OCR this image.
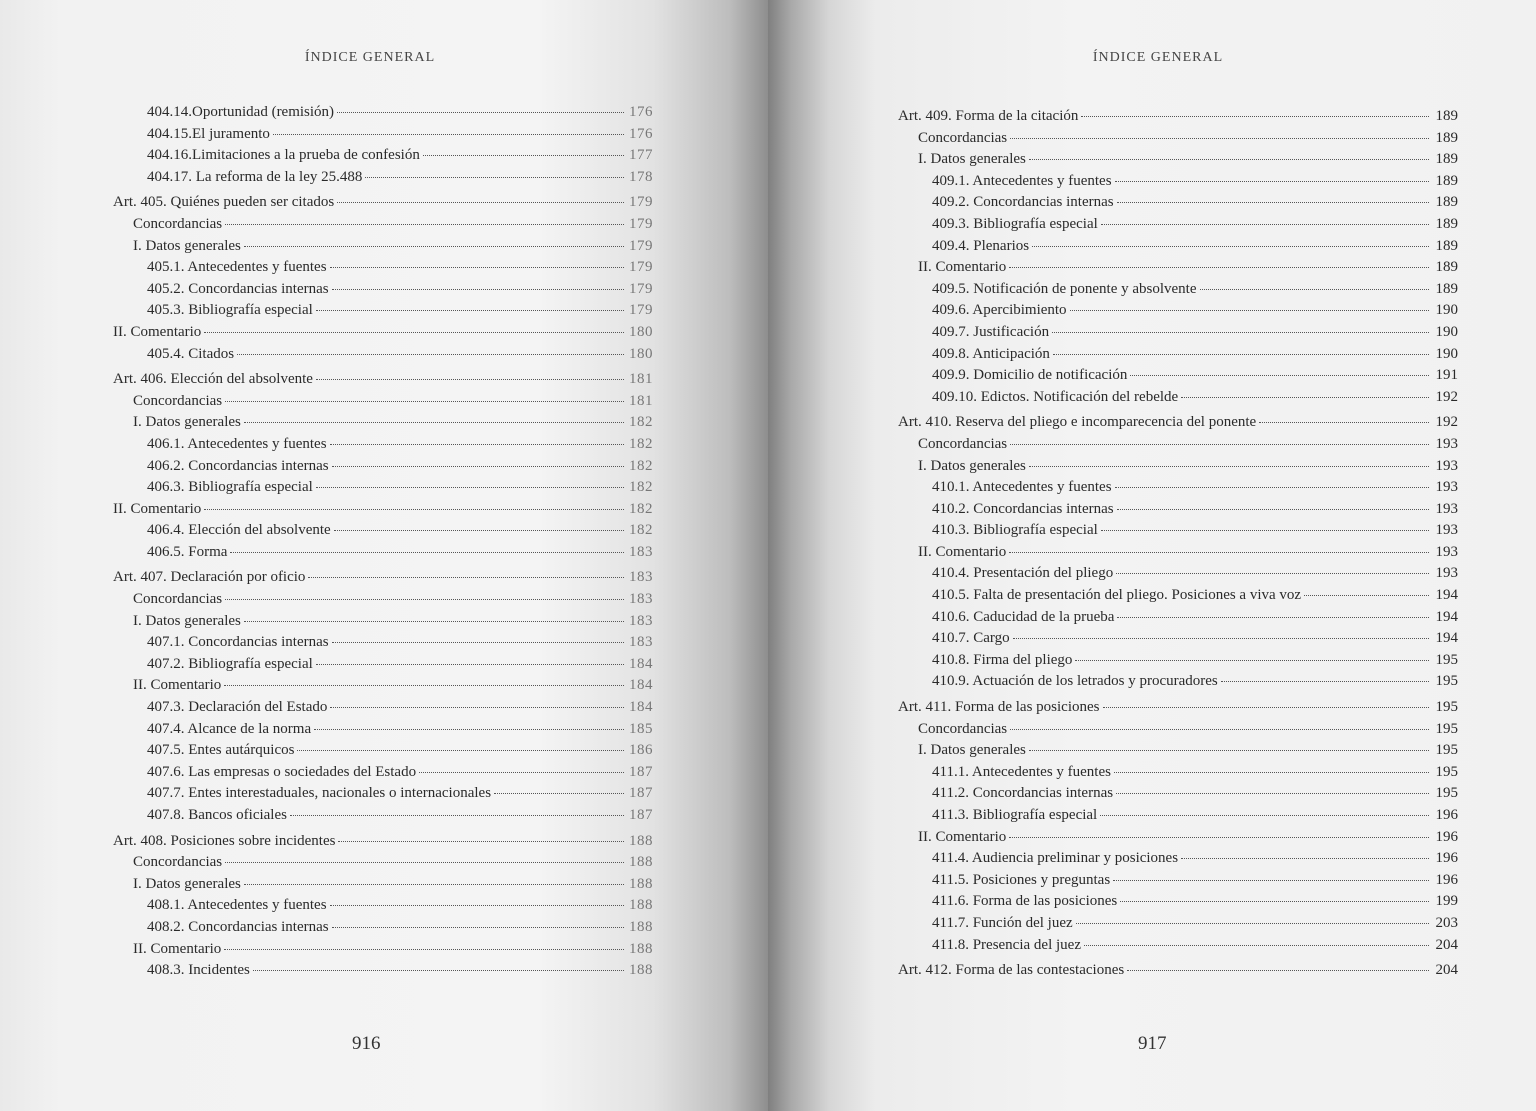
ÍNDICE GENERAL
404.14.Oportunidad (remisión)	176
404.15.El juramento	176
404.16.Limitaciones a la prueba de confesión	177
404.17. La reforma de la ley 25.488	178
Art. 405. Quiénes pueden ser citados	179
Concordancias	179
I. Datos generales	179
405.1. Antecedentes y fuentes	179
405.2. Concordancias internas	179
405.3. Bibliografía especial	179
II. Comentario	180
405.4. Citados	180
Art. 406. Elección del absolvente	181
Concordancias	181
I. Datos generales	182
406.1. Antecedentes y fuentes	182
406.2. Concordancias internas	182
406.3. Bibliografía especial	182
II. Comentario	182
406.4. Elección del absolvente	182
406.5. Forma	183
Art. 407. Declaración por oficio	183
Concordancias	183
I. Datos generales	183
407.1. Concordancias internas	183
407.2. Bibliografía especial	184
II. Comentario	184
407.3. Declaración del Estado	184
407.4. Alcance de la norma	185
407.5. Entes autárquicos	186
407.6. Las empresas o sociedades del Estado	187
407.7. Entes interestaduales, nacionales o internacionales	187
407.8. Bancos oficiales	187
Art. 408. Posiciones sobre incidentes	188
Concordancias	188
I. Datos generales	188
408.1. Antecedentes y fuentes	188
408.2. Concordancias internas	188
II. Comentario	188
408.3. Incidentes	188
916
ÍNDICE GENERAL
Art. 409. Forma de la citación	189
Concordancias	189
I. Datos generales	189
409.1. Antecedentes y fuentes	189
409.2. Concordancias internas	189
409.3. Bibliografía especial	189
409.4. Plenarios	189
II. Comentario	189
409.5. Notificación de ponente y absolvente	189
409.6. Apercibimiento	190
409.7. Justificación	190
409.8. Anticipación	190
409.9. Domicilio de notificación	191
409.10. Edictos. Notificación del rebelde	192
Art. 410. Reserva del pliego e incomparecencia del ponente	192
Concordancias	193
I. Datos generales	193
410.1. Antecedentes y fuentes	193
410.2. Concordancias internas	193
410.3. Bibliografía especial	193
II. Comentario	193
410.4. Presentación del pliego	193
410.5. Falta de presentación del pliego. Posiciones a viva voz	194
410.6. Caducidad de la prueba	194
410.7. Cargo	194
410.8. Firma del pliego	195
410.9. Actuación de los letrados y procuradores	195
Art. 411. Forma de las posiciones	195
Concordancias	195
I. Datos generales	195
411.1. Antecedentes y fuentes	195
411.2. Concordancias internas	195
411.3. Bibliografía especial	196
II. Comentario	196
411.4. Audiencia preliminar y posiciones	196
411.5. Posiciones y preguntas	196
411.6. Forma de las posiciones	199
411.7. Función del juez	203
411.8. Presencia del juez	204
Art. 412. Forma de las contestaciones	204
917
